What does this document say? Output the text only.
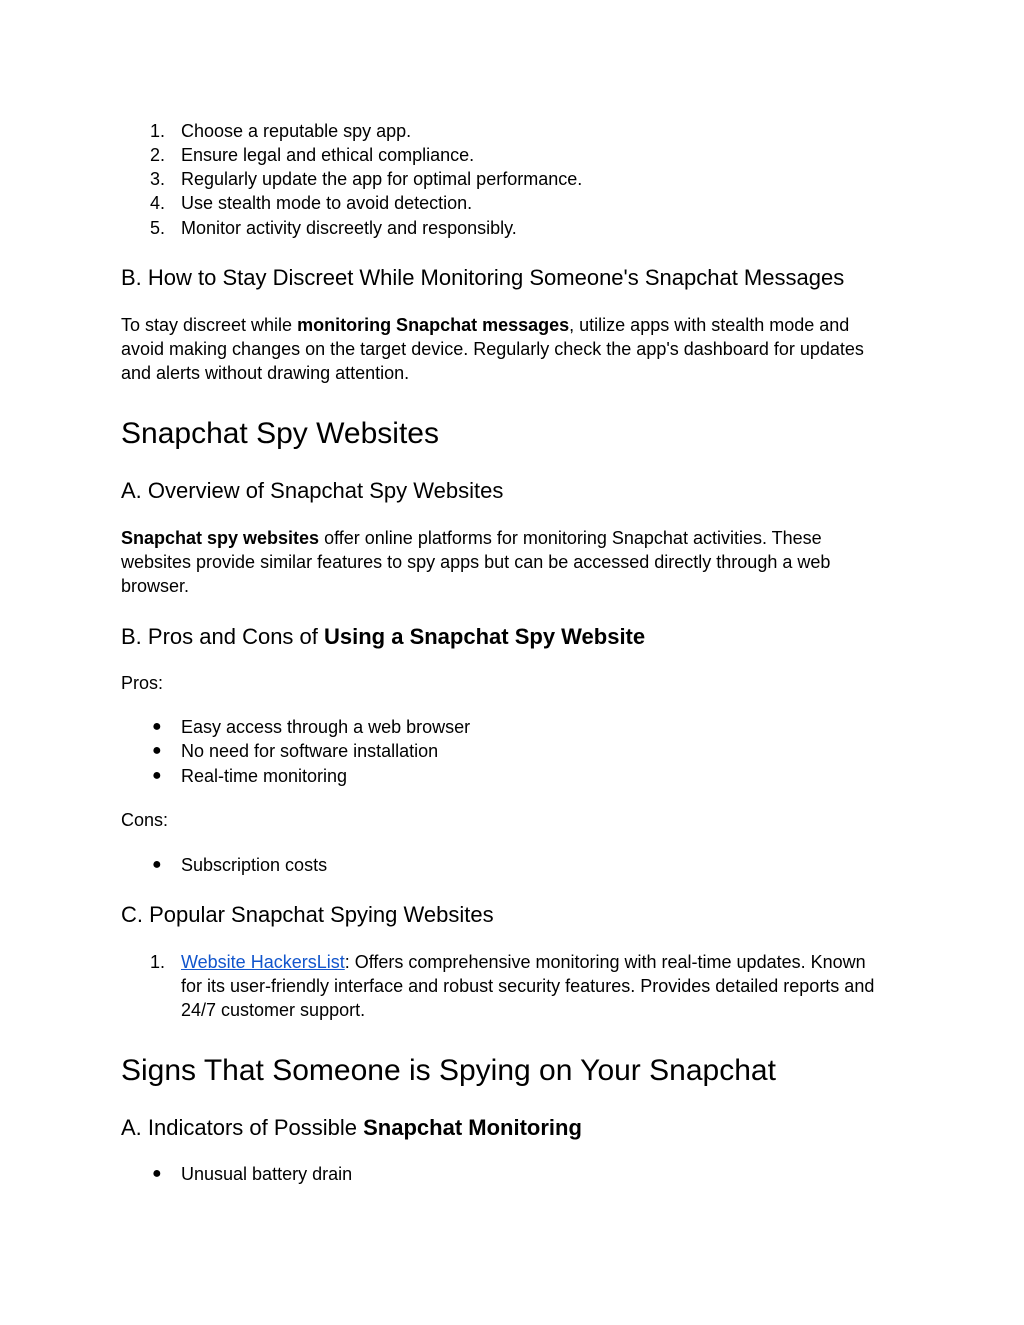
1. Choose a reputable spy app.
2. Ensure legal and ethical compliance.
3. Regularly update the app for optimal performance.
4. Use stealth mode to avoid detection.
5. Monitor activity discreetly and responsibly.
B. How to Stay Discreet While Monitoring Someone's Snapchat Messages
To stay discreet while monitoring Snapchat messages, utilize apps with stealth mode and
avoid making changes on the target device. Regularly check the app's dashboard for updates
and alerts without drawing attention.
Snapchat Spy Websites
A. Overview of Snapchat Spy Websites
Snapchat spy websites offer online platforms for monitoring Snapchat activities. These
websites provide similar features to spy apps but can be accessed directly through a web
browser.
B. Pros and Cons of Using a Snapchat Spy Website
Pros:
●	Easy access through a web browser
●	No need for software installation
●	Real-time monitoring
Cons:
●	Subscription costs
C. Popular Snapchat Spying Websites
1. Website HackersList: Offers comprehensive monitoring with real-time updates. Known
for its user-friendly interface and robust security features. Provides detailed reports and
24/7 customer support.
Signs That Someone is Spying on Your Snapchat
A. Indicators of Possible Snapchat Monitoring
●	Unusual battery drain
